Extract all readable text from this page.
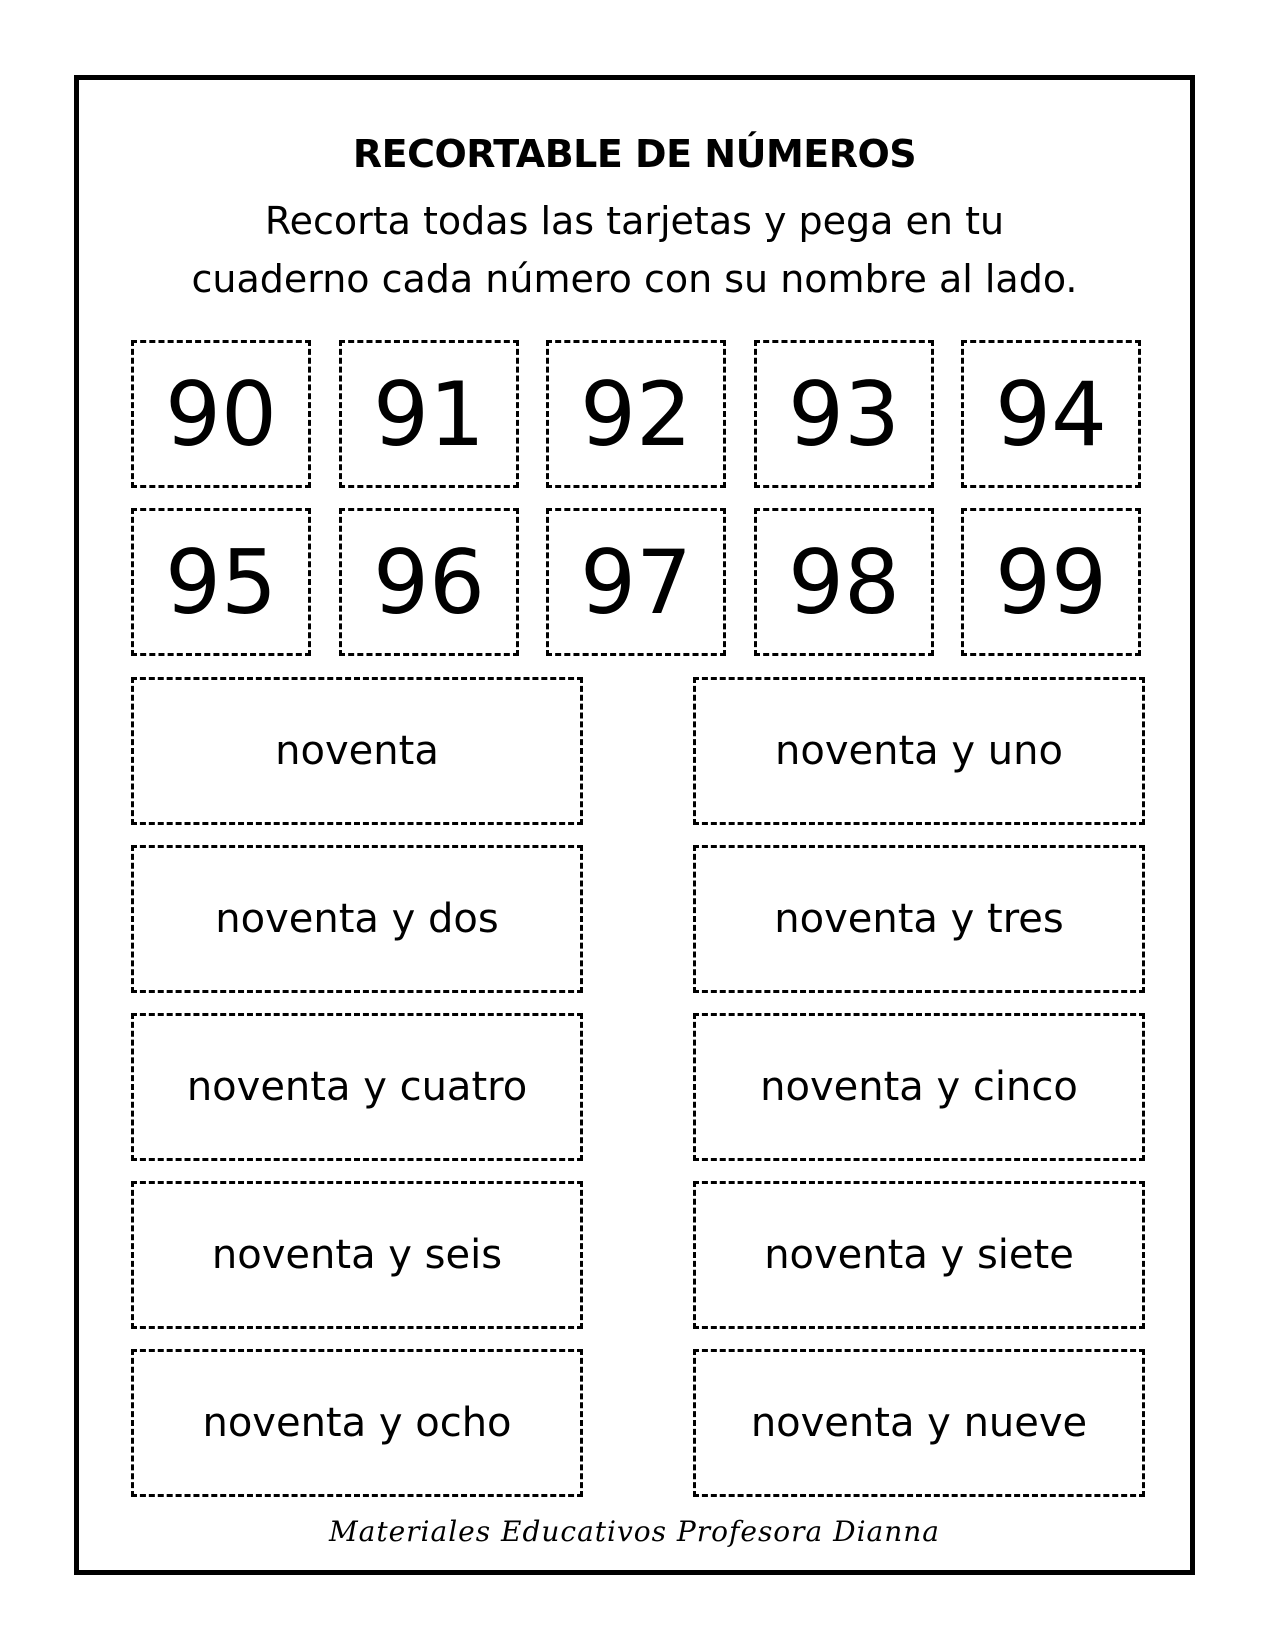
RECORTABLE DE NÚMEROS
Recorta todas las tarjetas y pega en tu
cuaderno cada número con su nombre al lado.
90	91	92	93	94
95	96	97	98	99
noventa	noventa y uno
noventa y dos	noventa y tres
noventa y cuatro	noventa y cinco
noventa y seis	noventa y siete
noventa y ocho	noventa y nueve
Materiales Educativos Profesora Dianna
